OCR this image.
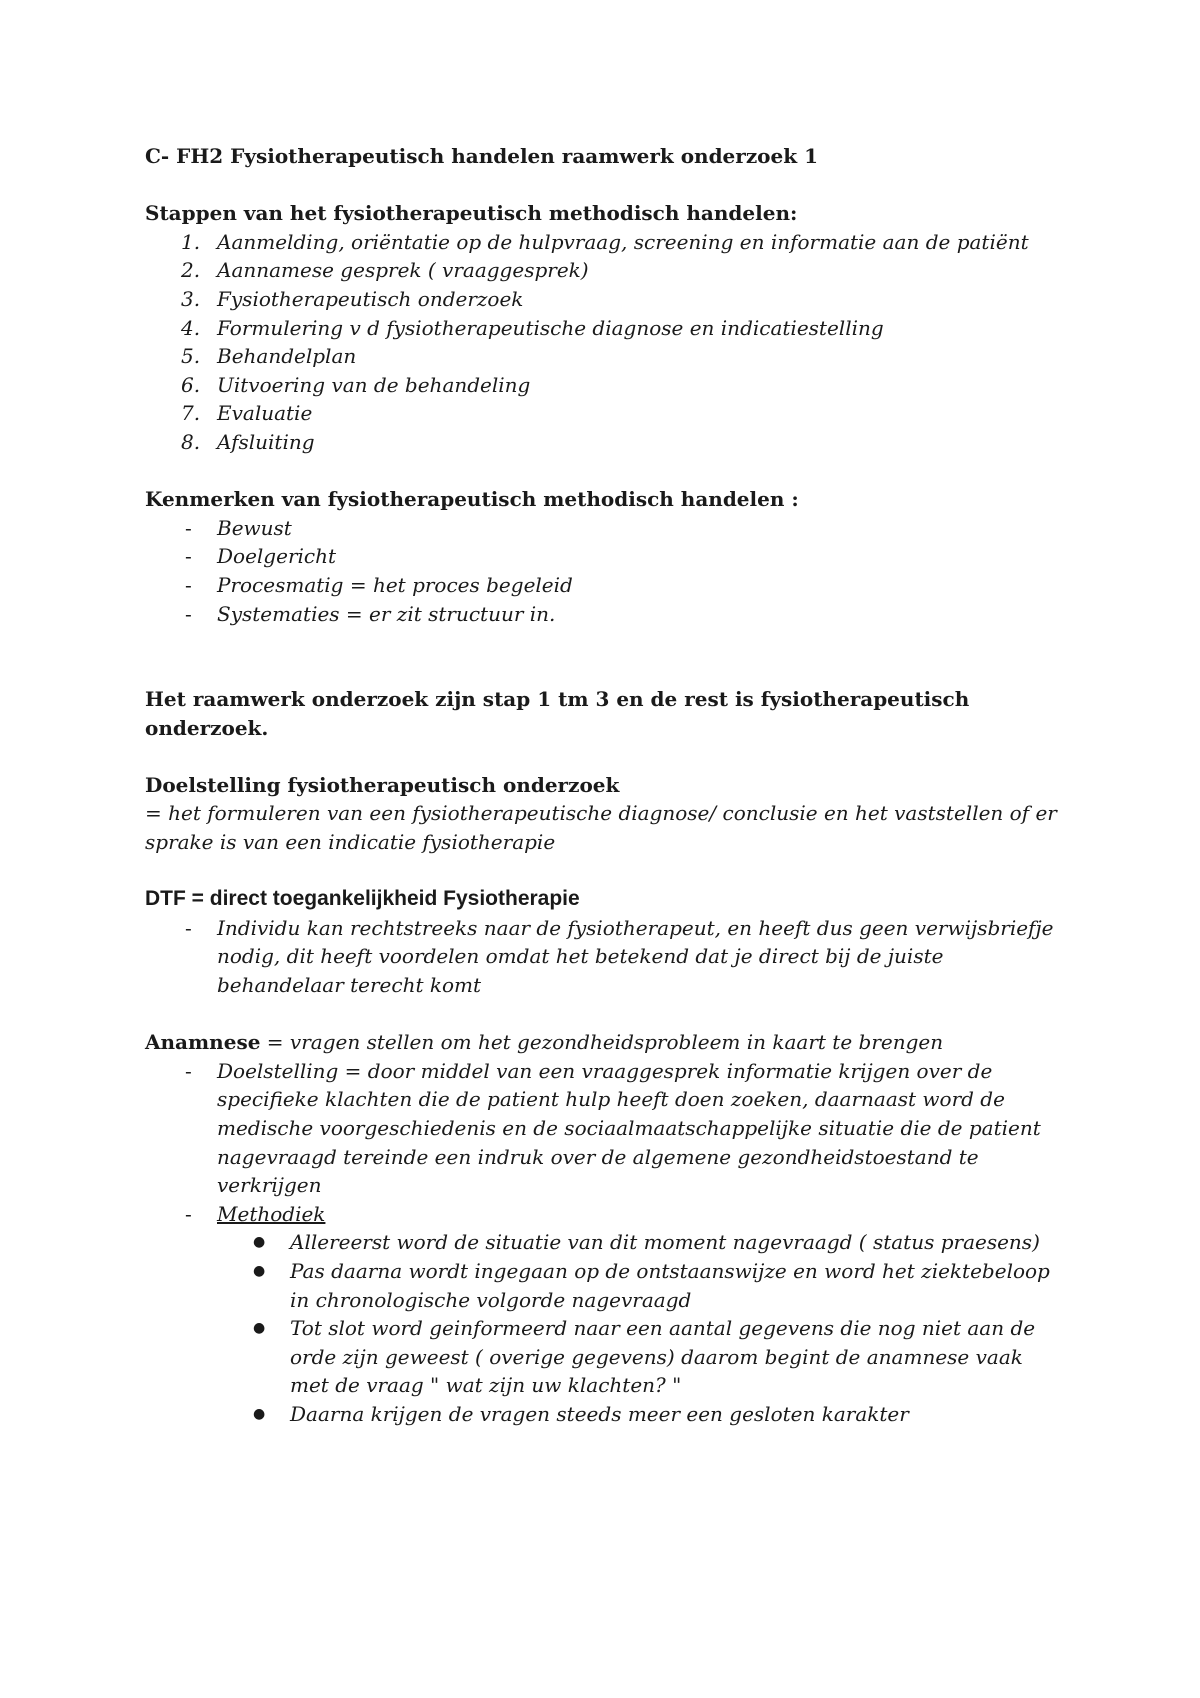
C- FH2 Fysiotherapeutisch handelen raamwerk onderzoek 1

Stappen van het fysiotherapeutisch methodisch handelen:

1. Aanmelding, oriëntatie op de hulpvraag, screening en informatie aan de patiënt
2. Aannamese gesprek ( vraaggesprek)
3. Fysiotherapeutisch onderzoek
4. Formulering v d fysiotherapeutische diagnose en indicatiestelling
5. Behandelplan
6. Uitvoering van de behandeling
7. Evaluatie
8. Afsluiting

Kenmerken van fysiotherapeutisch methodisch handelen :

- Bewust
- Doelgericht
- Procesmatig = het proces begeleid
- Systematies = er zit structuur in.

Het raamwerk onderzoek zijn stap 1 tm 3 en de rest is fysiotherapeutisch onderzoek.

Doelstelling fysiotherapeutisch onderzoek

= het formuleren van een fysiotherapeutische diagnose/ conclusie en het vaststellen of er sprake is van een indicatie fysiotherapie

DTF = direct toegankelijkheid Fysiotherapie

- Individu kan rechtstreeks naar de fysiotherapeut, en heeft dus geen verwijsbriefje nodig, dit heeft voordelen omdat het betekend dat je direct bij de juiste behandelaar terecht komt

Anamnese = vragen stellen om het gezondheidsprobleem in kaart te brengen

- Doelstelling = door middel van een vraaggesprek informatie krijgen over de specifieke klachten die de patient hulp heeft doen zoeken, daarnaast word de medische voorgeschiedenis en de sociaalmaatschappelijke situatie die de patient nagevraagd tereinde een indruk over de algemene gezondheidstoestand te verkrijgen
- Methodiek
● Allereerst word de situatie van dit moment nagevraagd ( status praesens)
● Pas daarna wordt ingegaan op de ontstaanswijze en word het ziektebeloop in chronologische volgorde nagevraagd
● Tot slot word geinformeerd naar een aantal gegevens die nog niet aan de orde zijn geweest ( overige gegevens) daarom begint de anamnese vaak met de vraag " wat zijn uw klachten? "
● Daarna krijgen de vragen steeds meer een gesloten karakter
